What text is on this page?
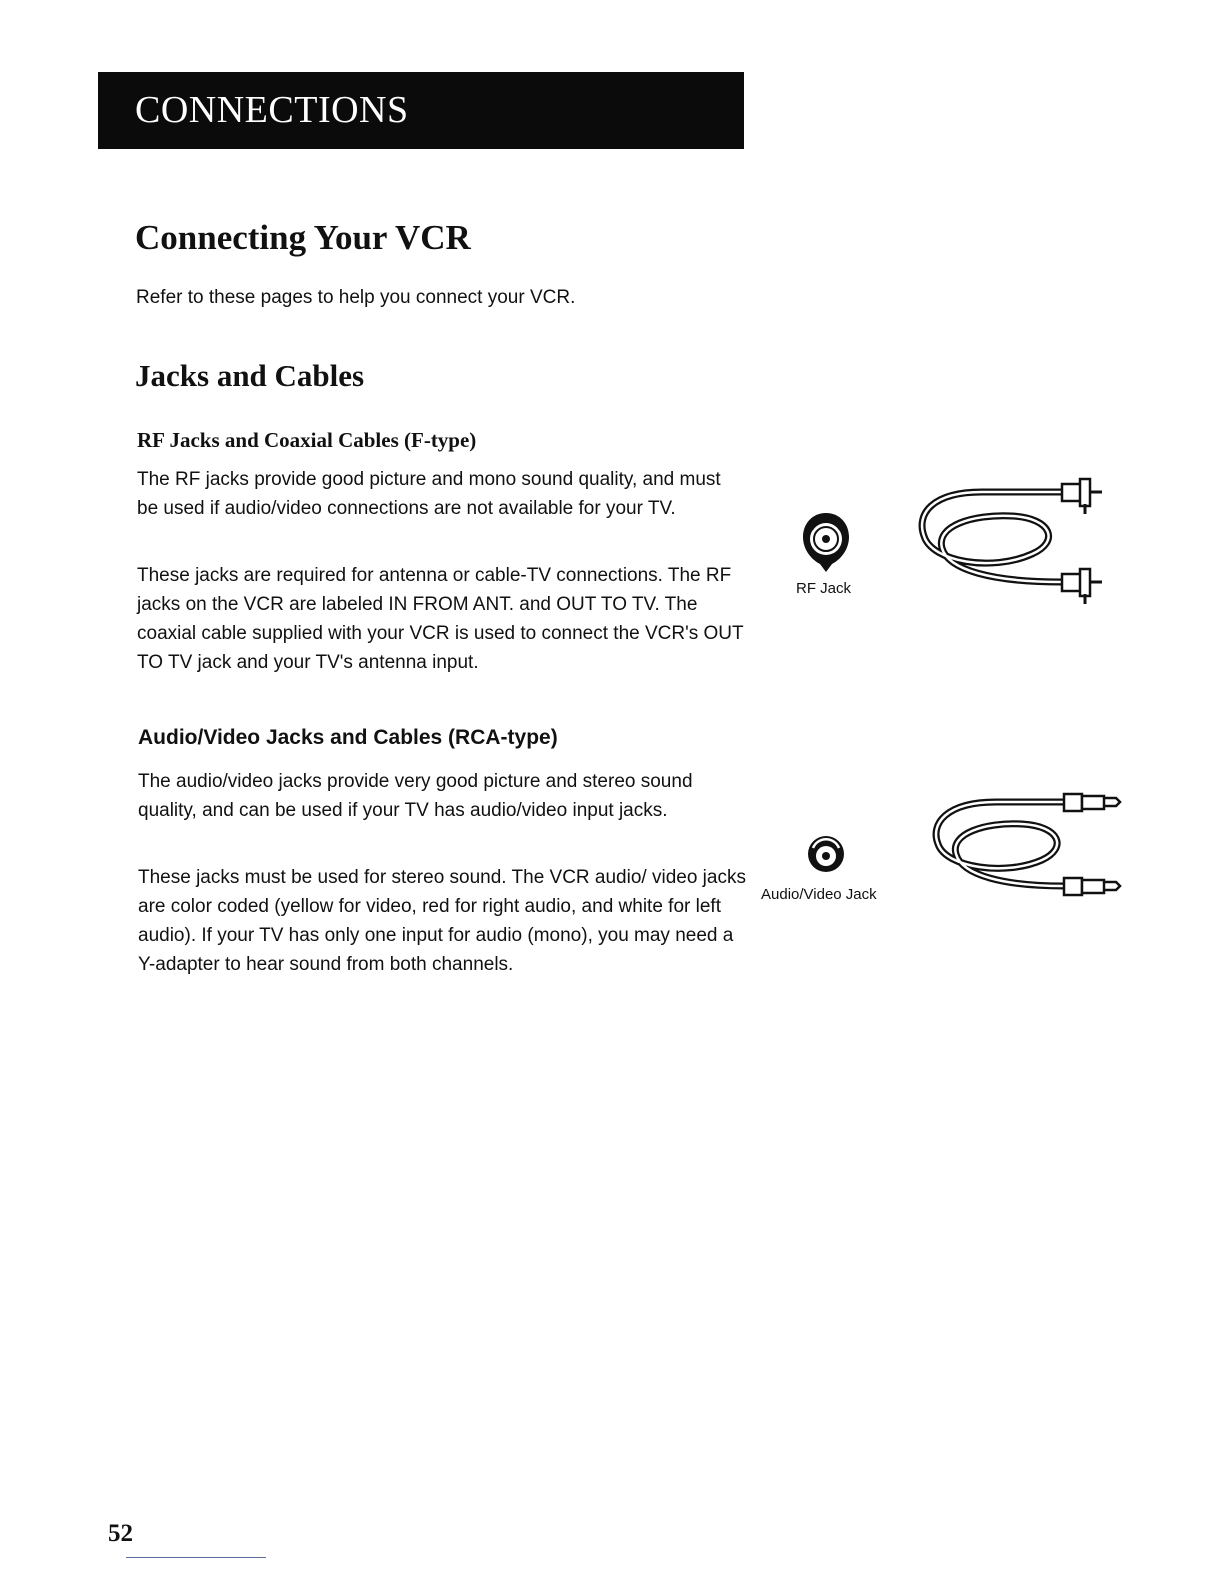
CONNECTIONS
Connecting Your VCR

Refer to these pages to help you connect your VCR.

Jacks and Cables
RF Jacks and Coaxial Cables (F-type)

The RF jacks provide good picture and mono sound quality, and must be used if audio/video connections are not available for your TV.

These jacks are required for antenna or cable-TV connections. The RF jacks on the VCR are labeled IN FROM ANT. and OUT TO TV. The coaxial cable supplied with your VCR is used to connect the VCR's OUT TO TV jack and your TV's antenna input.

RF Jack
Audio/Video Jacks and Cables (RCA-type)

The audio/video jacks provide very good picture and stereo sound quality, and can be used if your TV has audio/video input jacks.

These jacks must be used for stereo sound. The VCR audio/ video jacks are color coded (yellow for video, red for right audio, and white for left audio). If your TV has only one input for audio (mono), you may need a Y-adapter to hear sound from both channels.

Audio/Video Jack
52
